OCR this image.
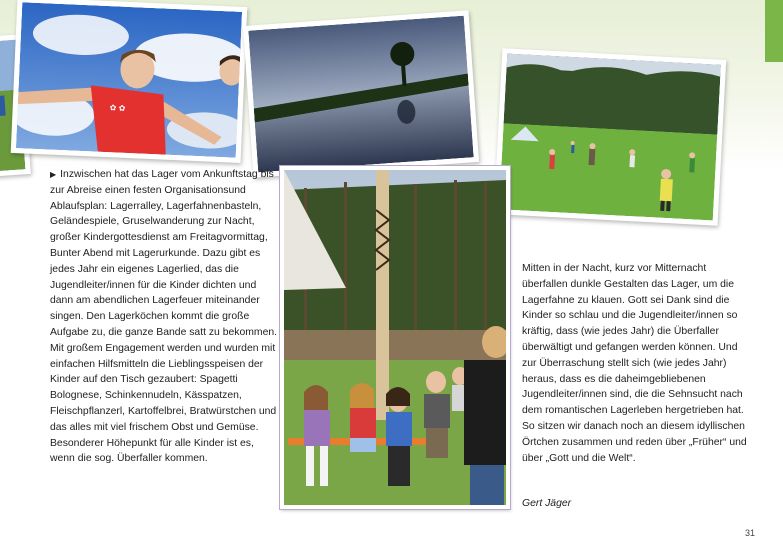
✿ ✿

▶ Inzwischen hat das Lager vom Ankunftstag bis zur Abreise einen festen Organisationsund Ablaufsplan: Lagerralley, Lagerfahnenbasteln, Geländespiele, Gruselwanderung zur Nacht, großer Kindergottesdienst am Freitagvormittag, Bunter Abend mit Lagerurkunde. Dazu gibt es jedes Jahr ein eigenes Lagerlied, das die Jugendleiter/innen für die Kinder dichten und dann am abendlichen Lagerfeuer miteinander singen. Den Lagerköchen kommt die große Aufgabe zu, die ganze Bande satt zu bekommen.

Mit großem Engagement werden und wurden mit einfachen Hilfsmitteln die Lieblingsspeisen der Kinder auf den Tisch gezaubert: Spagetti Bolognese, Schinkennudeln, Kässpatzen, Fleischpflanzerl, Kartoffelbrei, Bratwürstchen und das alles mit viel frischem Obst und Gemüse. Besonderer Höhepunkt für alle Kinder ist es, wenn die sog. Überfaller kommen.

Mitten in der Nacht, kurz vor Mitternacht überfallen dunkle Gestalten das Lager, um die Lagerfahne zu klauen. Gott sei Dank sind die Kinder so schlau und die Jugendleiter/innen so kräftig, dass (wie jedes Jahr) die Überfaller überwältigt und gefangen werden können. Und zur Überraschung stellt sich (wie jedes Jahr) heraus, dass es die daheimgebliebenen Jugendleiter/innen sind, die die Sehnsucht nach dem romantischen Lagerleben hergetrieben hat. So sitzen wir danach noch an diesem idyllischen Örtchen zusammen und reden über „Früher“ und über „Gott und die Welt“.

Gert Jäger
31
